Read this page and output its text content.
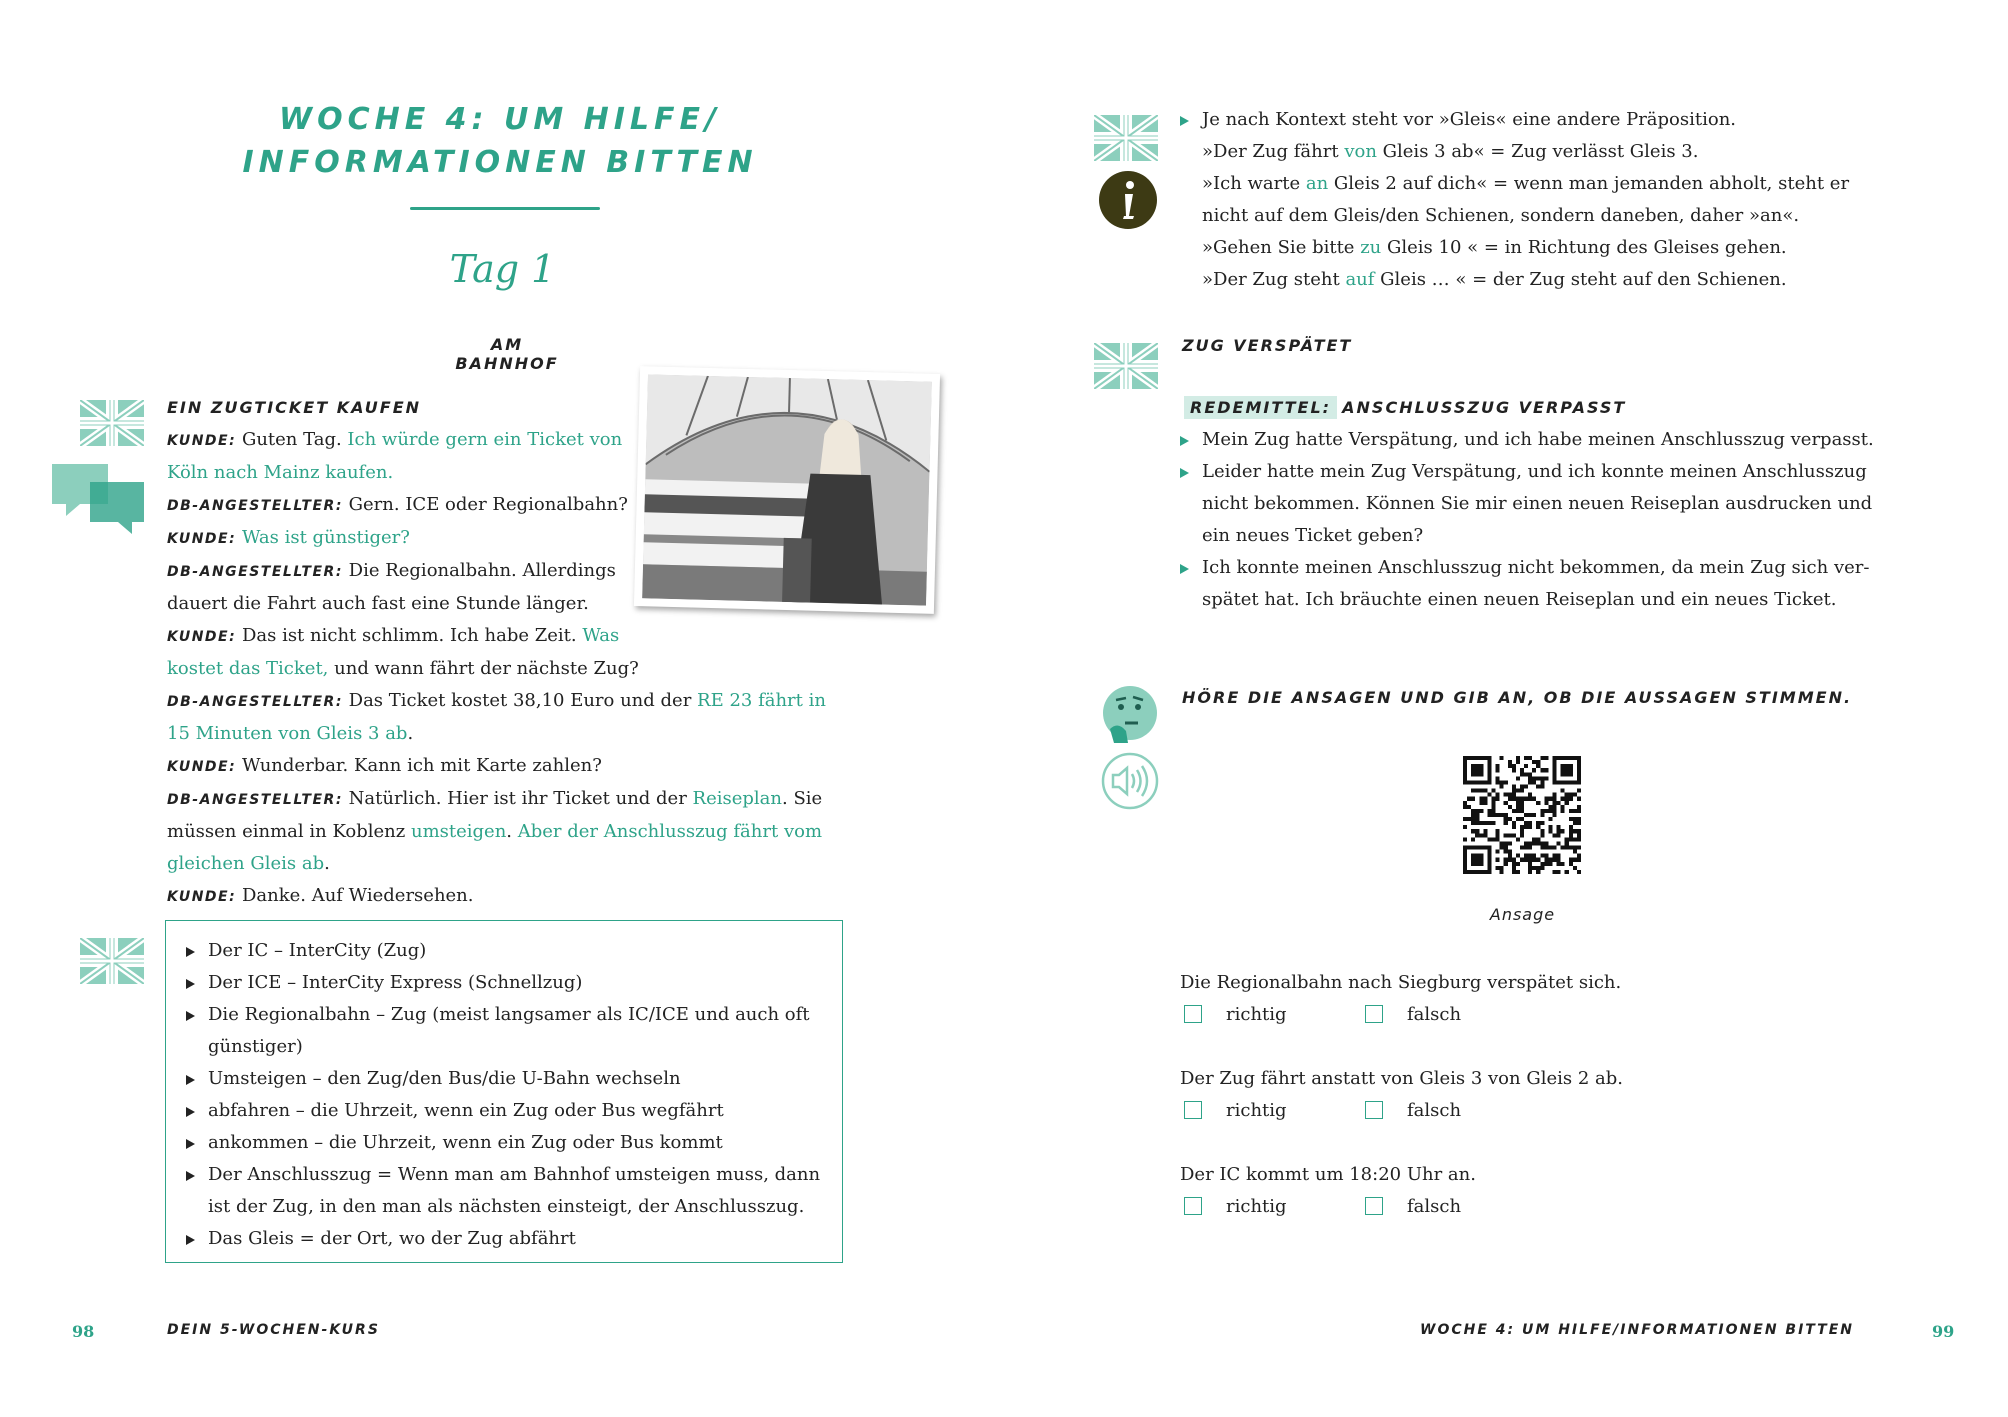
WOCHE 4: UM HILFE/
INFORMATIONEN BITTEN
Tag 1
AM BAHNHOF
EIN ZUGTICKET KAUFEN
KUNDE: Guten Tag. Ich würde gern ein Ticket von
Köln nach Mainz kaufen.
DB-ANGESTELLTER: Gern. ICE oder Regionalbahn?
KUNDE: Was ist günstiger?
DB-ANGESTELLTER: Die Regionalbahn. Allerdings
dauert die Fahrt auch fast eine Stunde länger.
KUNDE: Das ist nicht schlimm. Ich habe Zeit. Was
kostet das Ticket, und wann fährt der nächste Zug?
DB-ANGESTELLTER: Das Ticket kostet 38,10 Euro und der RE 23 fährt in
15 Minuten von Gleis 3 ab.
KUNDE: Wunderbar. Kann ich mit Karte zahlen?
DB-ANGESTELLTER: Natürlich. Hier ist ihr Ticket und der Reiseplan. Sie
müssen einmal in Koblenz umsteigen. Aber der Anschlusszug fährt vom
gleichen Gleis ab.
KUNDE: Danke. Auf Wiedersehen.
Der IC – InterCity (Zug)
Der ICE – InterCity Express (Schnellzug)
Die Regionalbahn – Zug (meist langsamer als IC/ICE und auch oft
günstiger)
Umsteigen – den Zug/den Bus/die U-Bahn wechseln
abfahren – die Uhrzeit, wenn ein Zug oder Bus wegfährt
ankommen – die Uhrzeit, wenn ein Zug oder Bus kommt
Der Anschlusszug = Wenn man am Bahnhof umsteigen muss, dann
ist der Zug, in den man als nächsten einsteigt, der Anschlusszug.
Das Gleis = der Ort, wo der Zug abfährt
98	DEIN 5-WOCHEN-KURS
Je nach Kontext steht vor »Gleis« eine andere Präposition.
»Der Zug fährt von Gleis 3 ab« = Zug verlässt Gleis 3.
»Ich warte an Gleis 2 auf dich« = wenn man jemanden abholt, steht er
nicht auf dem Gleis/den Schienen, sondern daneben, daher »an«.
»Gehen Sie bitte zu Gleis 10 « = in Richtung des Gleises gehen.
»Der Zug steht auf Gleis … « = der Zug steht auf den Schienen.
ZUG VERSPÄTET
REDEMITTEL: ANSCHLUSSZUG VERPASST
Mein Zug hatte Verspätung, und ich habe meinen Anschlusszug verpasst.
Leider hatte mein Zug Verspätung, und ich konnte meinen Anschlusszug
nicht bekommen. Können Sie mir einen neuen Reiseplan ausdrucken und
ein neues Ticket geben?
Ich konnte meinen Anschlusszug nicht bekommen, da mein Zug sich ver-
spätet hat. Ich bräuchte einen neuen Reiseplan und ein neues Ticket.
HÖRE DIE ANSAGEN UND GIB AN, OB DIE AUSSAGEN STIMMEN.
Ansage
Die Regionalbahn nach Siegburg verspätet sich.
richtig	falsch
Der Zug fährt anstatt von Gleis 3 von Gleis 2 ab.
richtig	falsch
Der IC kommt um 18:20 Uhr an.
richtig	falsch
WOCHE 4: UM HILFE/INFORMATIONEN BITTEN	99
